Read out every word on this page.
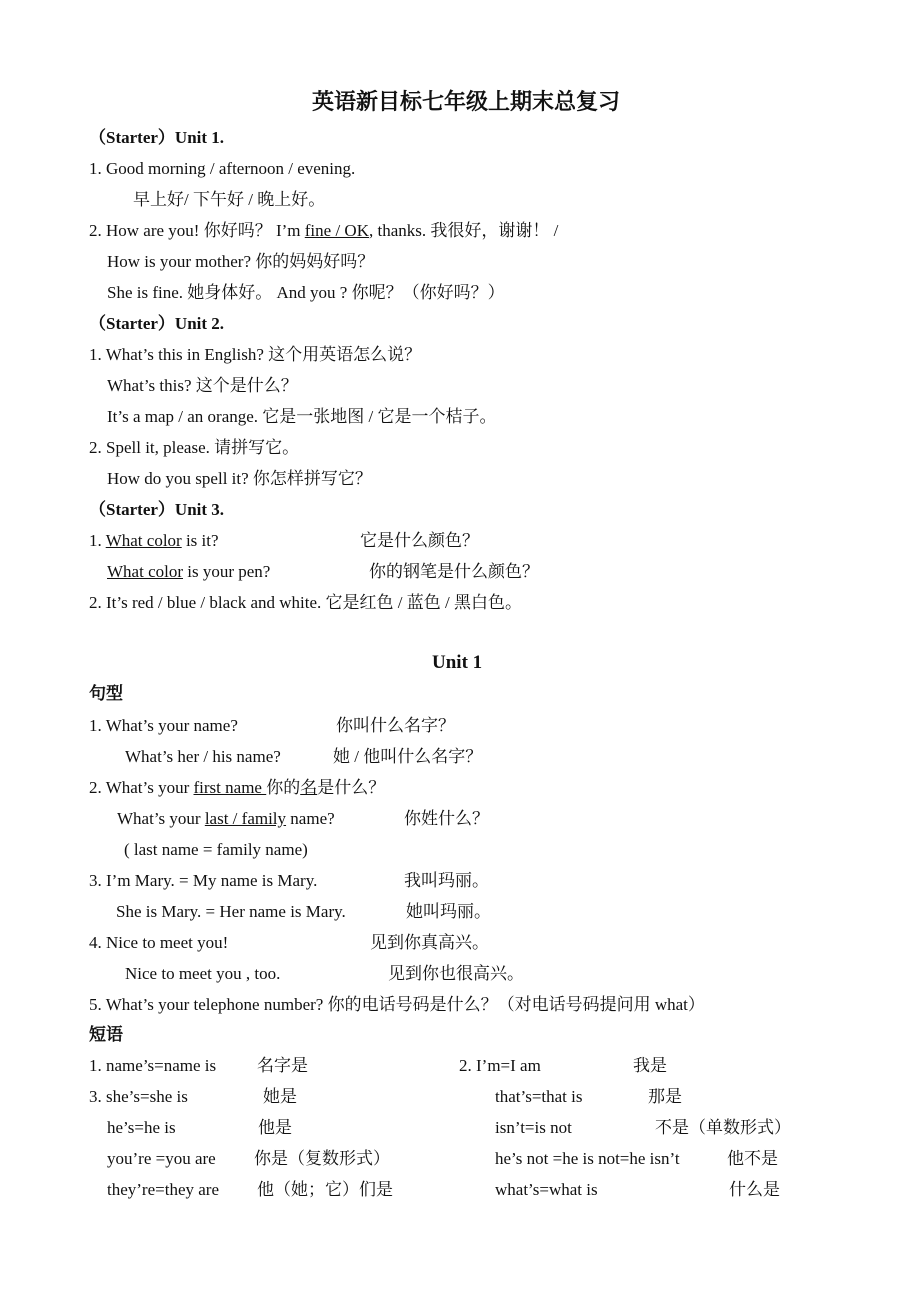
英语新目标七年级上期末总复习
（Starter）Unit 1.
1. Good morning / afternoon / evening.
早上好/ 下午好 / 晚上好。
2. How are you! 你好吗？ I’m fine / OK, thanks. 我很好，谢谢！ /
How is your mother? 你的妈妈好吗？
She is fine. 她身体好。 And you ? 你呢？（你好吗？）
（Starter）Unit 2.
1. What’s this in English? 这个用英语怎么说？
What’s this? 这个是什么？
It’s a map / an orange. 它是一张地图 / 它是一个桔子。
2. Spell it, please. 请拼写它。
How do you spell it? 你怎样拼写它？
（Starter）Unit 3.
1. What color is it?	它是什么颜色？
What color is your pen?	你的钢笔是什么颜色？
2. It’s red / blue / black and white. 它是红色 / 蓝色 / 黑白色。
Unit 1
句型
1. What’s your name?	你叫什么名字？
What’s her / his name?	她 / 他叫什么名字？
2. What’s your first name 你的名是什么？
What’s your last / family name?	你姓什么？
( last name = family name)
3. I’m Mary. = My name is Mary.	我叫玛丽。
She is Mary. = Her name is Mary.	她叫玛丽。
4. Nice to meet you!	见到你真高兴。
Nice to meet you , too.	见到你也很高兴。
5. What’s your telephone number? 你的电话号码是什么？（对电话号码提问用 what）
短语
1. name’s=name is 名字是	2. I’m=I am	我是
3. she’s=she is	她是	that’s=that is	那是
he’s=he is	他是	isn’t=is not	不是（单数形式）
you’re =you are 你是（复数形式）	he’s not =he is not=he isn’t	他不是
they’re=they are 他（她；它）们是	what’s=what is	什么是
